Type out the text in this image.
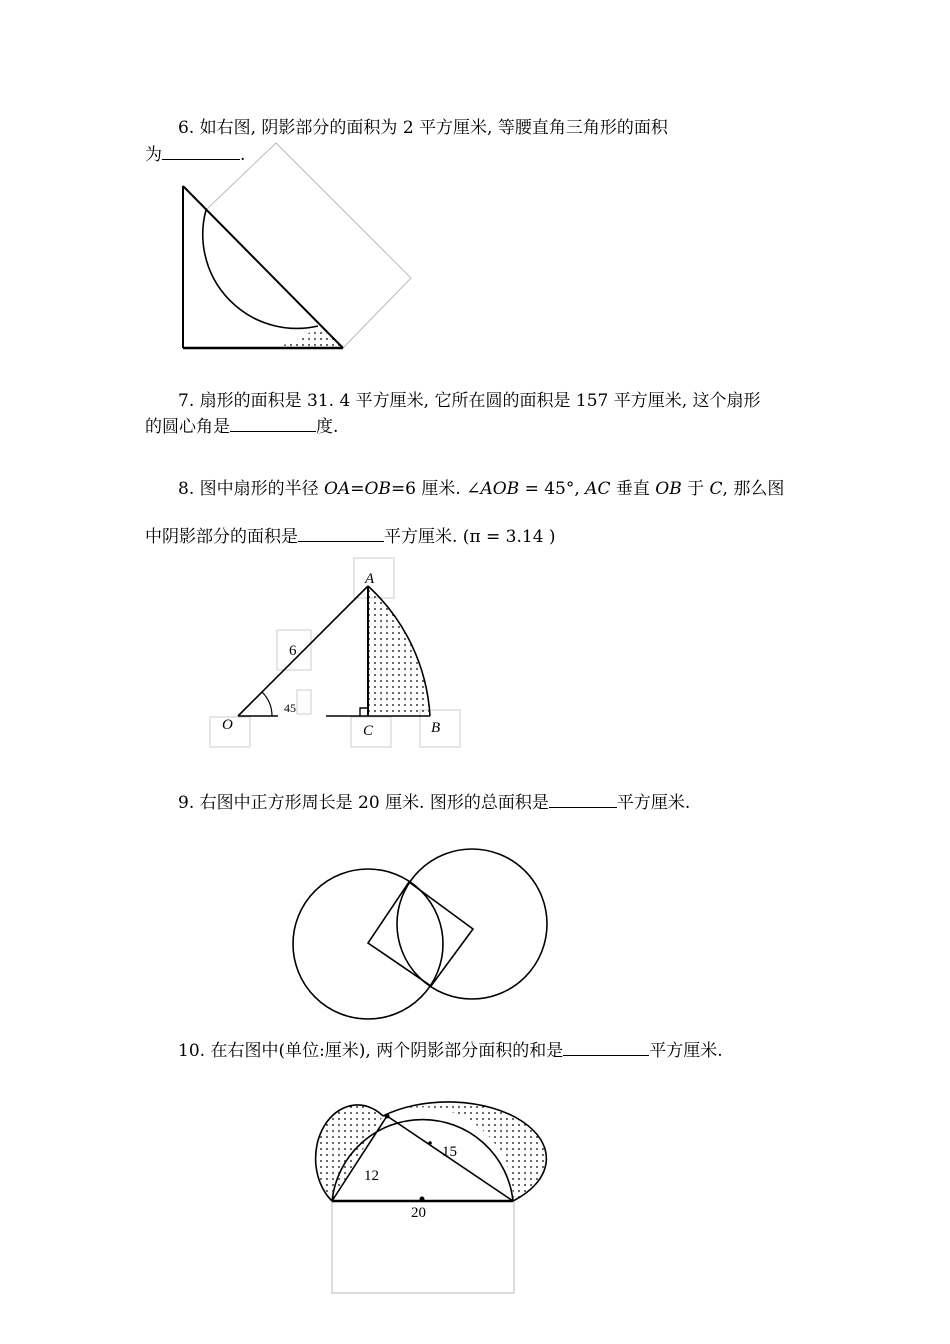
6. 如右图, 阴影部分的面积为 2 平方厘米, 等腰直角三角形的面积
为	.
7. 扇形的面积是 31. 4 平方厘米, 它所在圆的面积是 157 平方厘米, 这个扇形
的圆心角是	度.
8. 图中扇形的半径 OA=OB=6 厘米. ∠AOB = 45°, AC 垂直 OB 于 C, 那么图
中阴影部分的面积是	平方厘米. (π = 3.14 )
9. 右图中正方形周长是 20 厘米. 图形的总面积是	平方厘米.
10. 在右图中(单位:厘米), 两个阴影部分面积的和是	平方厘米.
A
6
45
O	C	B
12
15
20
